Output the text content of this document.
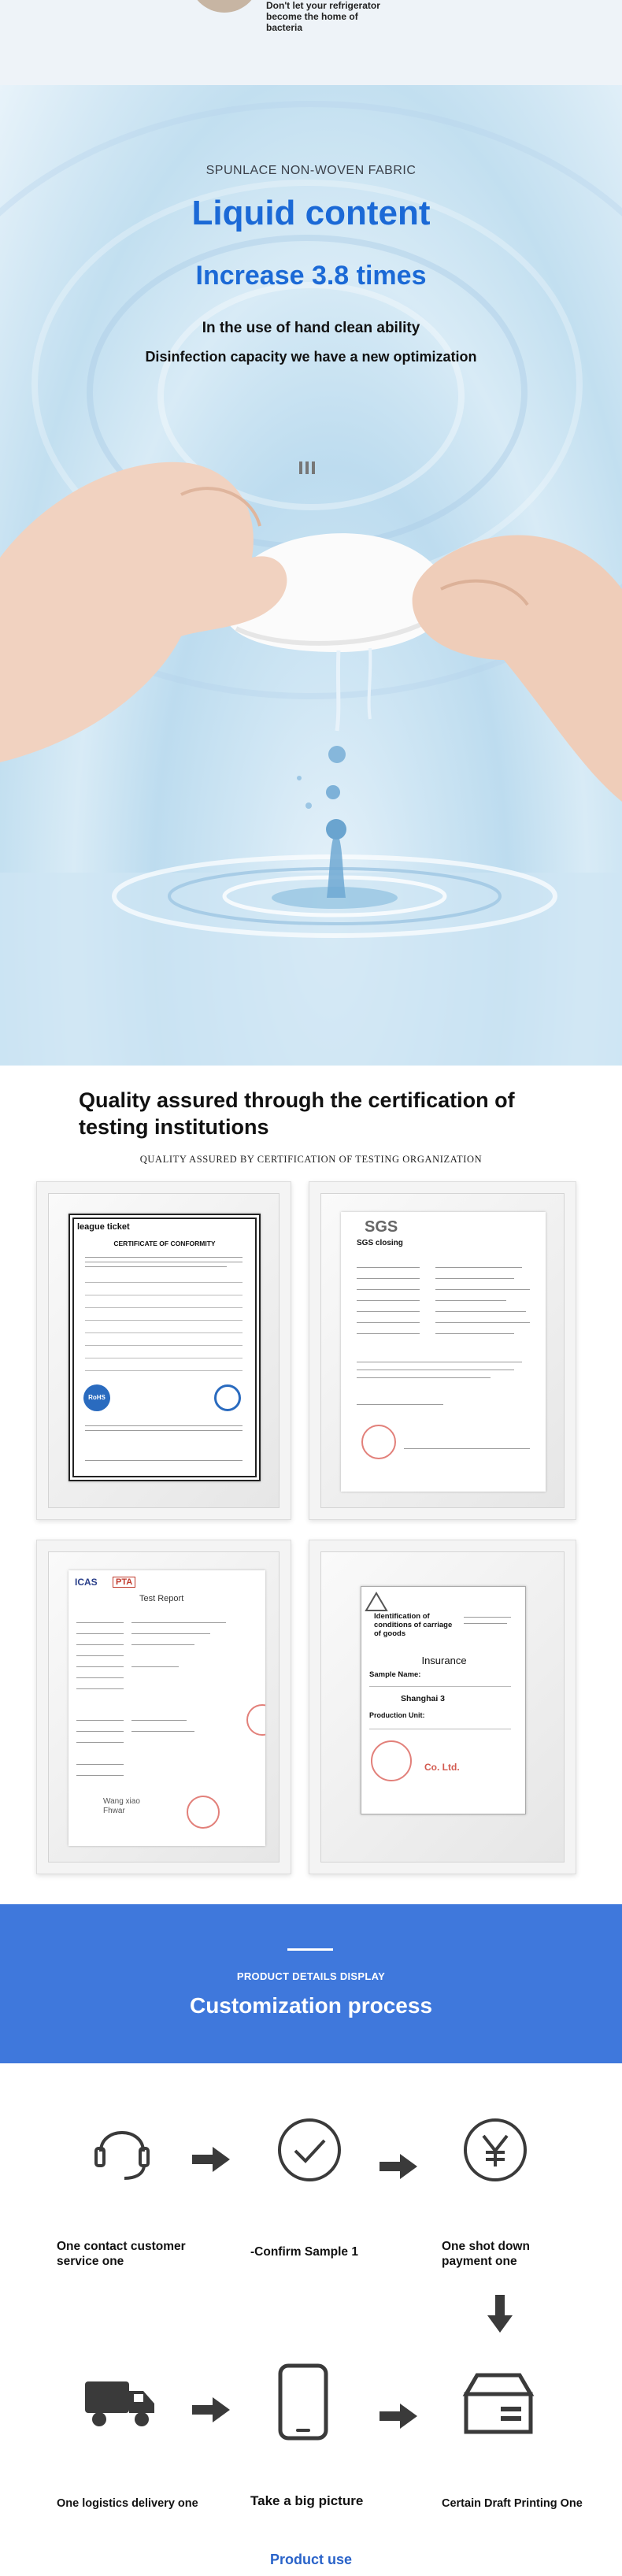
Don't let your refrigerator become the home of bacteria
SPUNLACE NON-WOVEN FABRIC
Liquid content
Increase 3.8 times
In the use of hand clean ability
Disinfection capacity we have a new optimization
Quality assured through the certification of testing institutions
QUALITY ASSURED BY CERTIFICATION OF TESTING ORGANIZATION
league ticket
CERTIFICATE OF CONFORMITY
RoHS
SGS
SGS closing
ICAS	PTA
Test Report
Wang xiao Fhwar
Identification of conditions of carriage of goods
Insurance
Sample Name:
Shanghai 3
Production Unit:
Co. Ltd.
PRODUCT DETAILS DISPLAY
Customization process
One contact customer service one
-Confirm Sample 1	One shot down payment one
One logistics delivery one	Take a big picture	Certain Draft Printing One
Product use
